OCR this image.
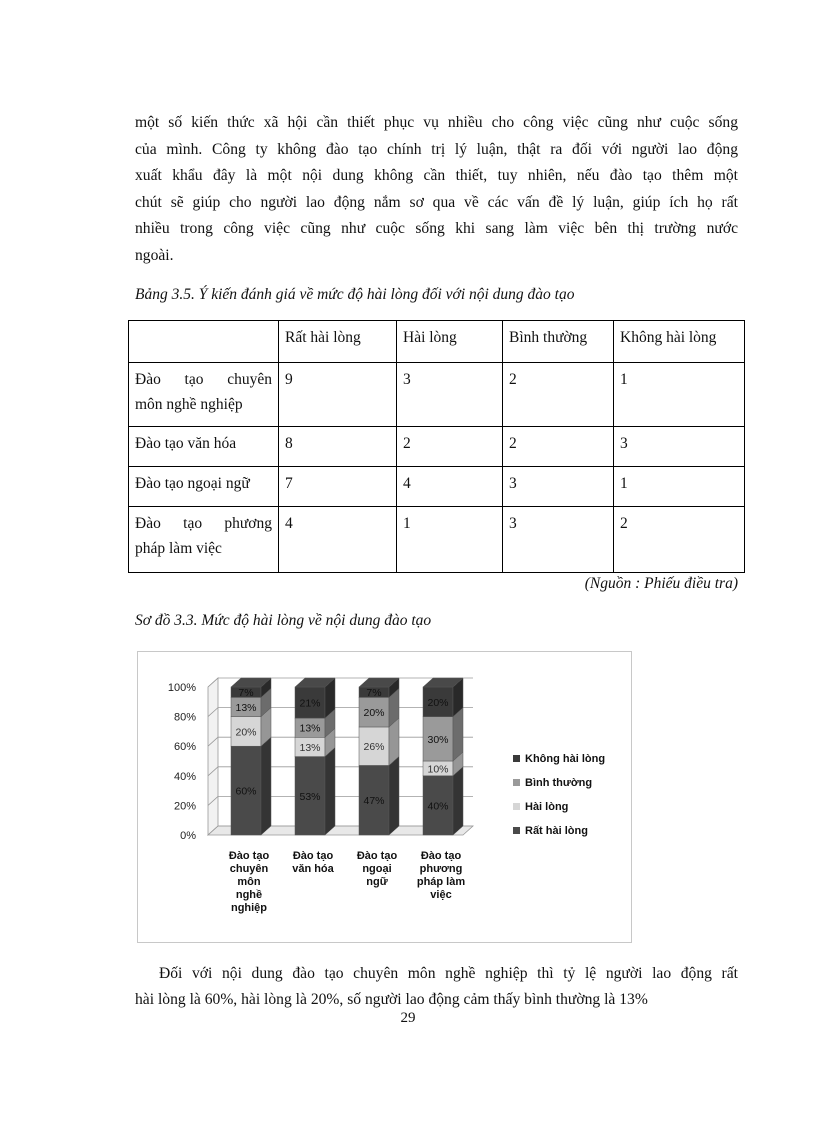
một số kiến thức xã hội cần thiết phục vụ nhiều cho công việc cũng như cuộc sống
của mình. Công ty không đào tạo chính trị lý luận, thật ra đối với người lao động
xuất khẩu đây là một nội dung không cần thiết, tuy nhiên, nếu đào tạo thêm một
chút sẽ giúp cho người lao động nắm sơ qua về các vấn đề lý luận, giúp ích họ rất
nhiều trong công việc cũng như cuộc sống khi sang làm việc bên thị trường nước
ngoài.
Bảng 3.5. Ý kiến đánh giá về mức độ hài lòng đối với nội dung đào tạo
	Rất hài lòng	Hài lòng	Bình thường	Không hài lòng

Đào tạo chuyên
môn nghề nghiệp	9	3	2	1
Đào tạo văn hóa	8	2	2	3
Đào tạo ngoại ngữ	7	4	3	1

Đào tạo phương
pháp làm việc	4	1	3	2
(Nguồn : Phiếu điều tra)
Sơ đồ 3.3. Mức độ hài lòng về nội dung đào tạo
0%
20%
40%
60%
80%
100%
60%
20%
13%
7%
Đào tạo
chuyên
môn
nghề
nghiệp
53%
13%
13%
21%
Đào tạo
văn hóa
47%
26%
20%
7%
Đào tạo
ngoại
ngữ
40%
10%
30%
20%
Đào tạo
phương
pháp làm
việc
Không hài lòng
Bình thường
Hài lòng
Rất hài lòng
Đối với nội dung đào tạo chuyên môn nghề nghiệp thì tỷ lệ người lao động rất
hài lòng là 60%, hài lòng là 20%, số người lao động cảm thấy bình thường là 13%
29
